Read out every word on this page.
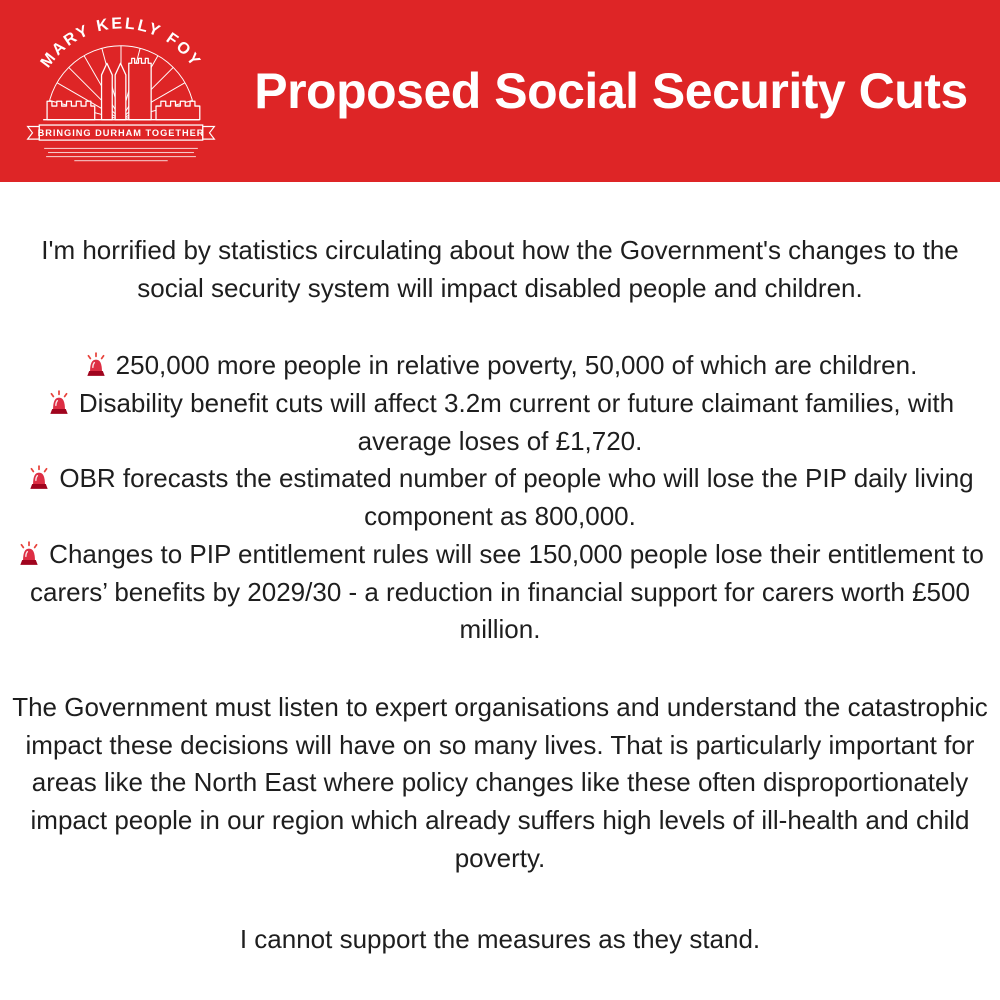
MARY KELLY FOY
BRINGING DURHAM TOGETHER
Proposed Social Security Cuts

I'm horrified by statistics circulating about how the Government's changes to the social security system will impact disabled people and children.

250,000 more people in relative poverty, 50,000 of which are children.

Disability benefit cuts will affect 3.2m current or future claimant families, with average loses of £1,720.

OBR forecasts the estimated number of people who will lose the PIP daily living component as 800,000.

Changes to PIP entitlement rules will see 150,000 people lose their entitlement to carers’ benefits by 2029/30 - a reduction in financial support for carers worth £500 million.

The Government must listen to expert organisations and understand the catastrophic impact these decisions will have on so many lives. That is particularly important for areas like the North East where policy changes like these often disproportionately impact people in our region which already suffers high levels of ill-health and child poverty.

I cannot support the measures as they stand.
